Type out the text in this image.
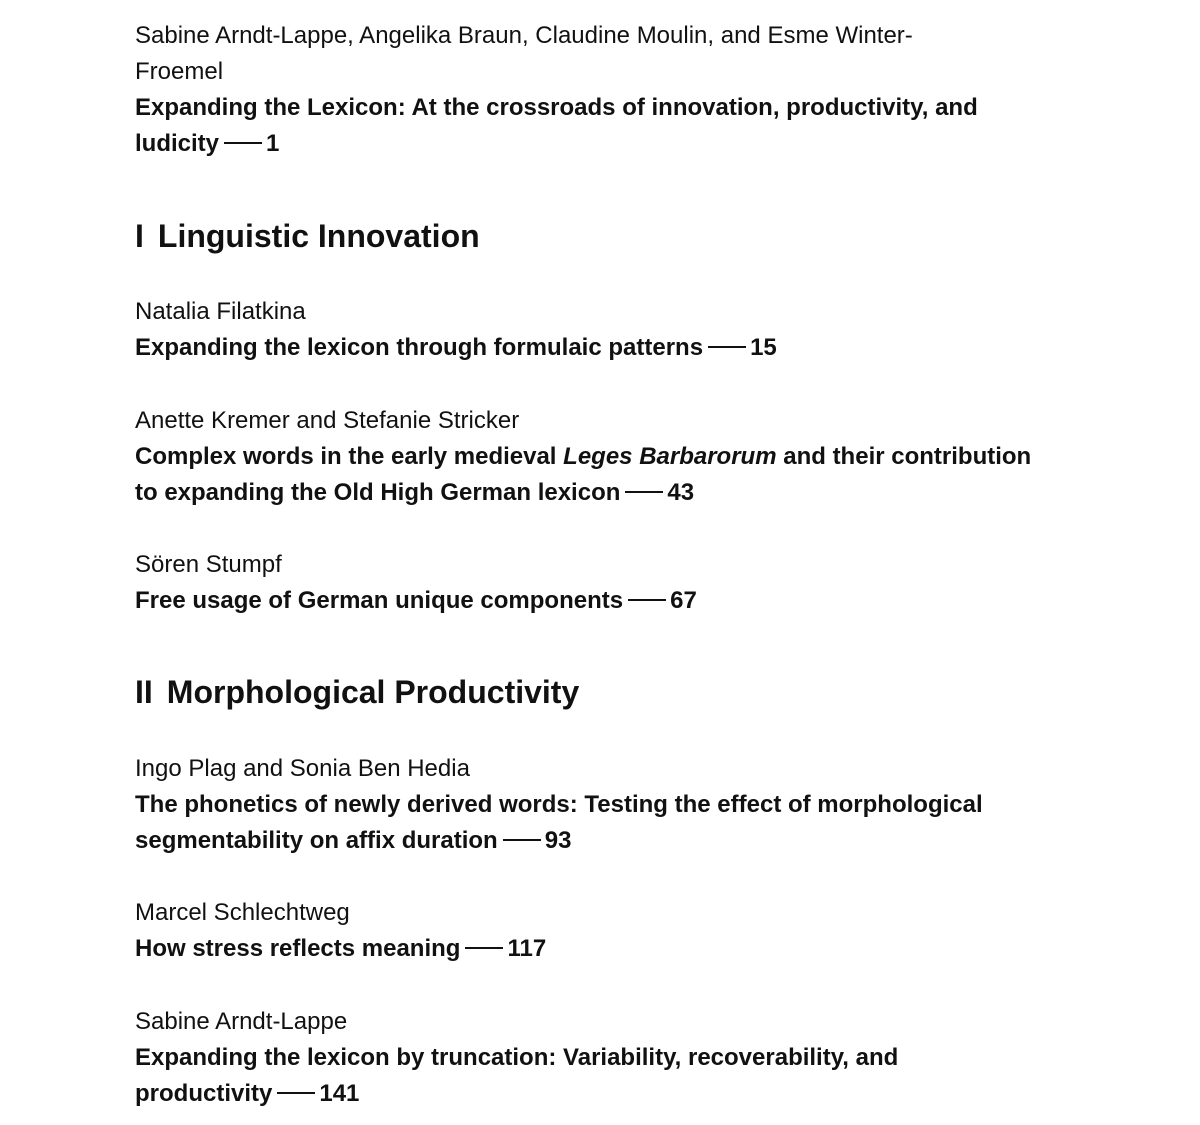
Sabine Arndt-Lappe, Angelika Braun, Claudine Moulin, and Esme Winter-
Froemel
Expanding the Lexicon: At the crossroads of innovation, productivity, and
ludicity 1
I Linguistic Innovation
Natalia Filatkina
Expanding the lexicon through formulaic patterns 15
Anette Kremer and Stefanie Stricker
Complex words in the early medieval Leges Barbarorum and their contribution
to expanding the Old High German lexicon 43
Sören Stumpf
Free usage of German unique components 67
II Morphological Productivity
Ingo Plag and Sonia Ben Hedia
The phonetics of newly derived words: Testing the effect of morphological
segmentability on affix duration 93
Marcel Schlechtweg
How stress reflects meaning 117
Sabine Arndt-Lappe
Expanding the lexicon by truncation: Variability, recoverability, and
productivity 141
